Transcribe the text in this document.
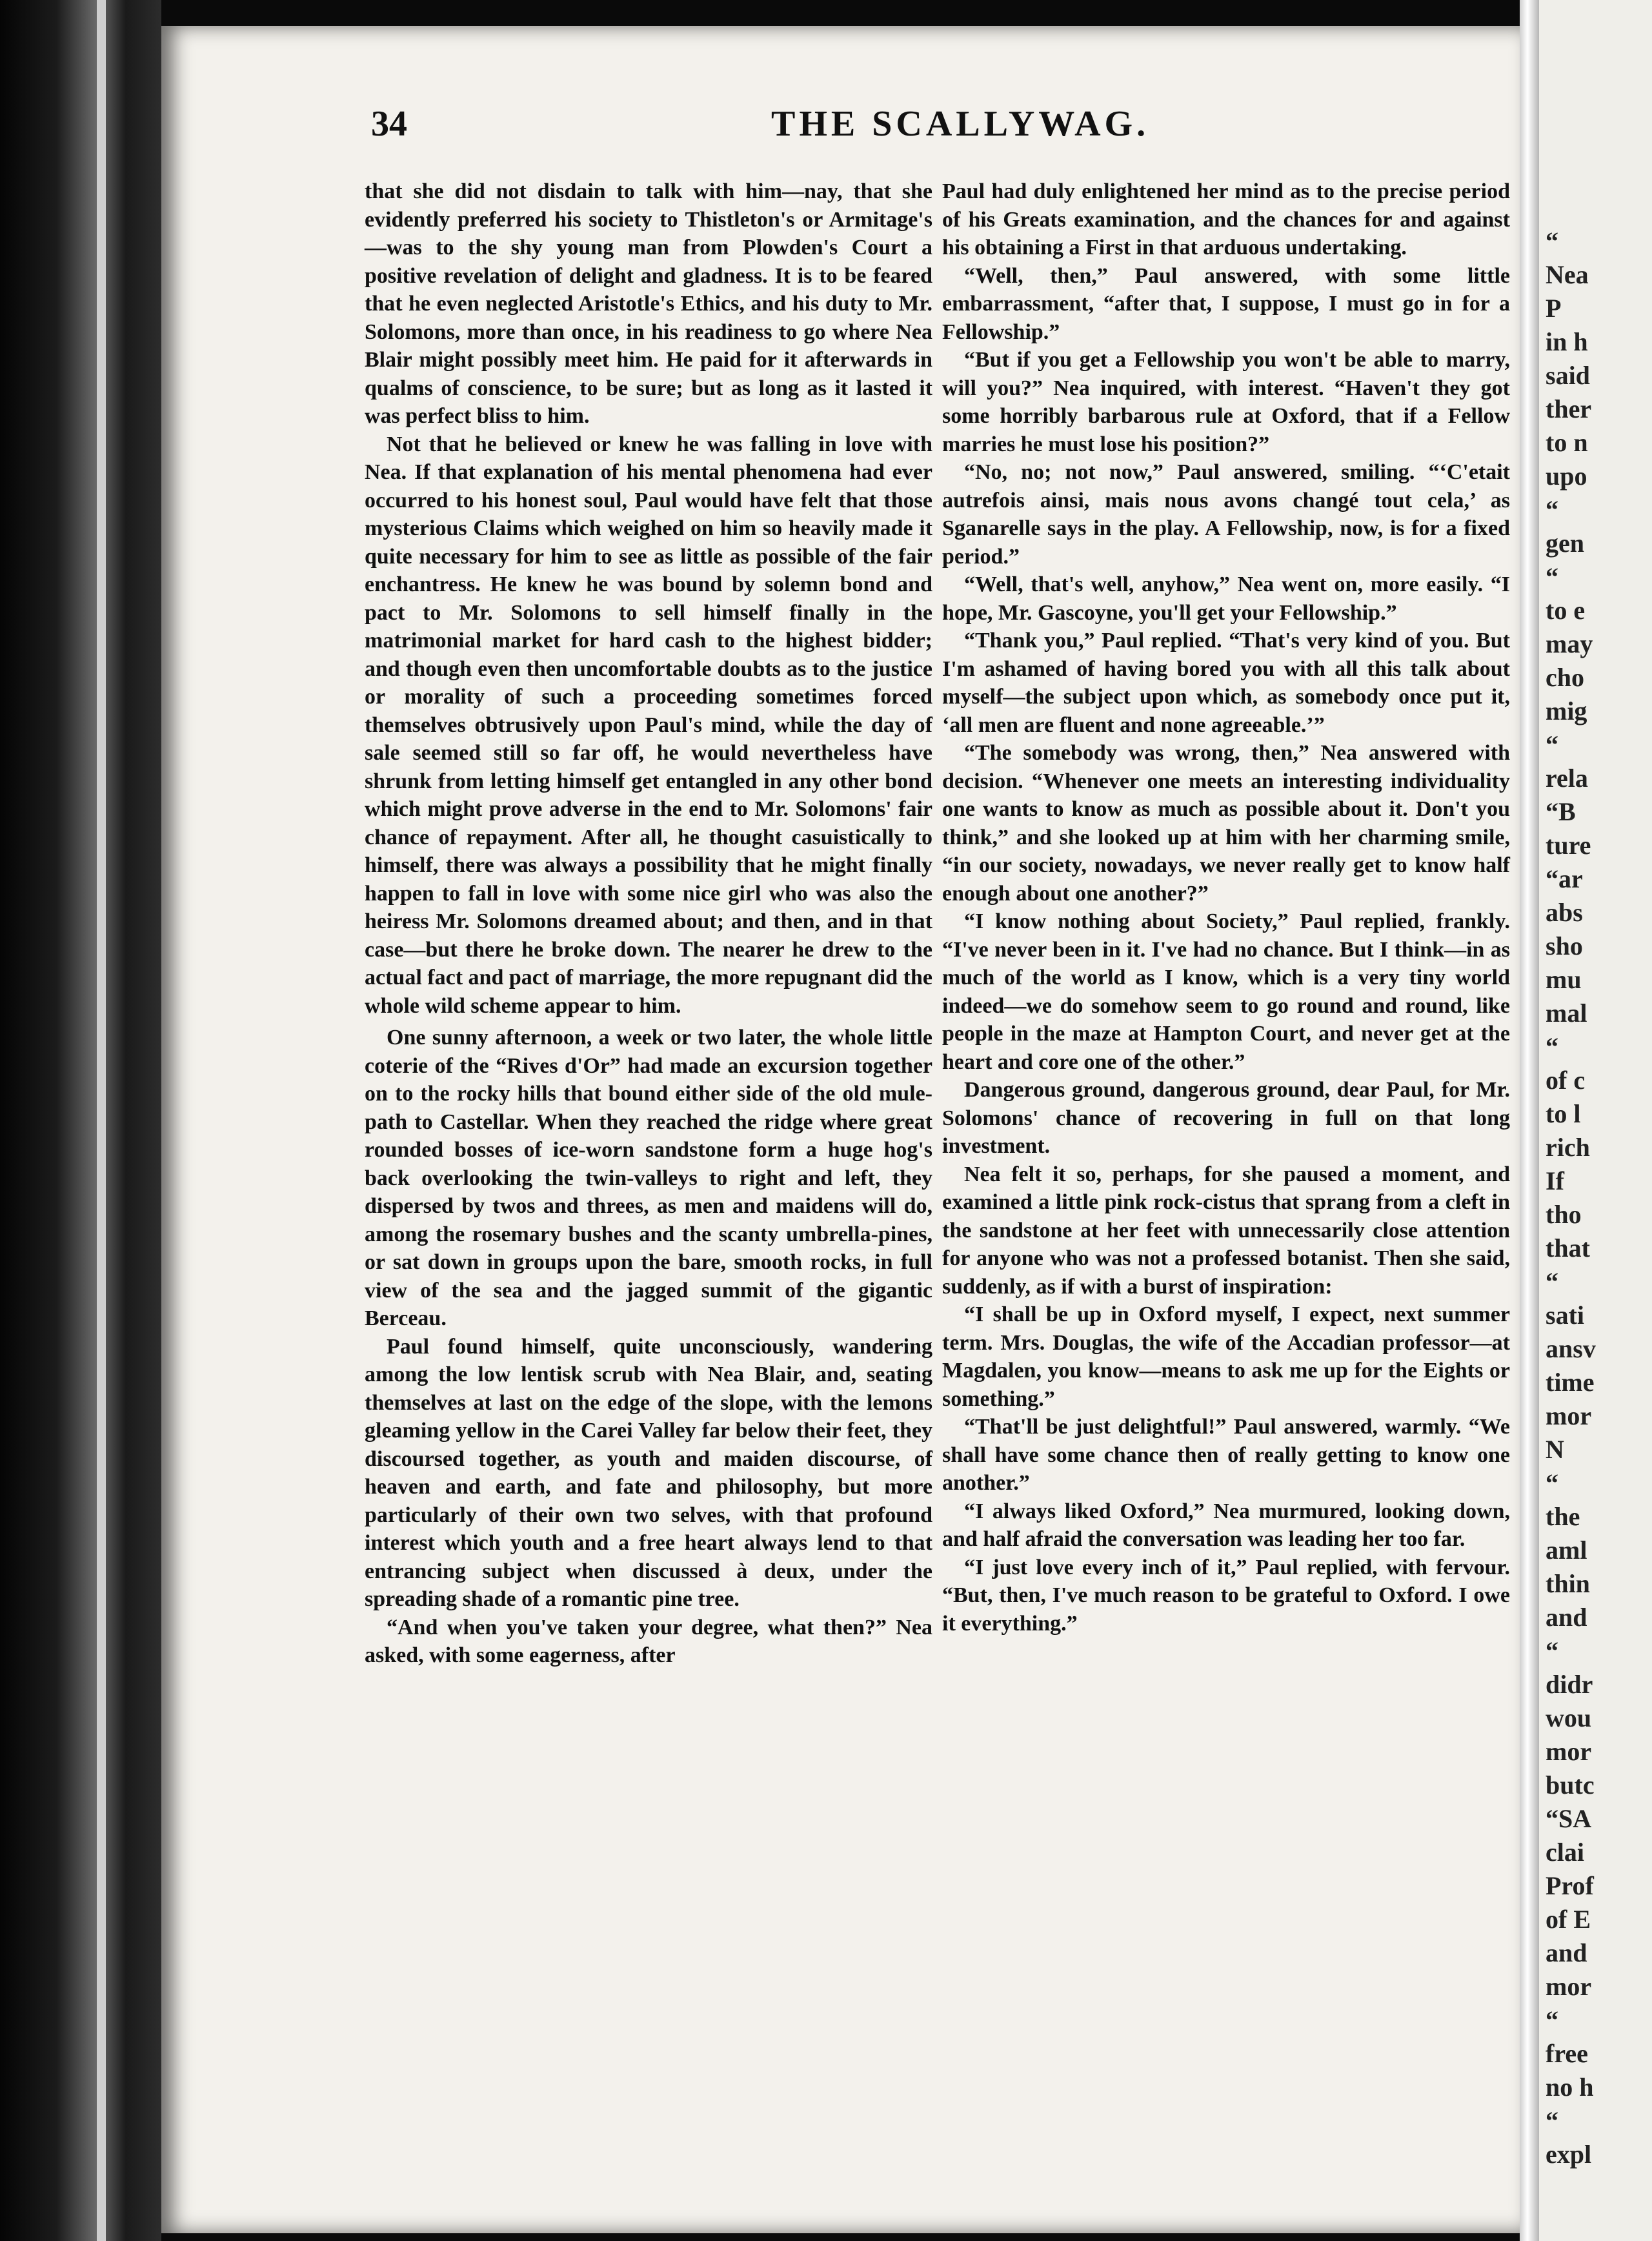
34	THE SCALLYWAG.

that she did not disdain to talk with him—nay, that she evidently preferred his society to Thistleton's or Armitage's—was to the shy young man from Plowden's Court a positive revelation of delight and gladness. It is to be feared that he even neglected Aristotle's Ethics, and his duty to Mr. Solomons, more than once, in his readiness to go where Nea Blair might possibly meet him. He paid for it afterwards in qualms of conscience, to be sure; but as long as it lasted it was perfect bliss to him.

Not that he believed or knew he was falling in love with Nea. If that explanation of his mental phenomena had ever occurred to his honest soul, Paul would have felt that those mysterious Claims which weighed on him so heavily made it quite necessary for him to see as little as possible of the fair enchantress. He knew he was bound by solemn bond and pact to Mr. Solomons to sell himself finally in the matrimonial market for hard cash to the highest bidder; and though even then uncomfortable doubts as to the justice or morality of such a proceeding sometimes forced themselves obtrusively upon Paul's mind, while the day of sale seemed still so far off, he would nevertheless have shrunk from letting himself get entangled in any other bond which might prove adverse in the end to Mr. Solomons' fair chance of repayment. After all, he thought casuistically to himself, there was always a possibility that he might finally happen to fall in love with some nice girl who was also the heiress Mr. Solomons dreamed about; and then, and in that case—but there he broke down. The nearer he drew to the actual fact and pact of marriage, the more repugnant did the whole wild scheme appear to him.

One sunny afternoon, a week or two later, the whole little coterie of the “Rives d'Or” had made an excursion together on to the rocky hills that bound either side of the old mule-path to Castellar. When they reached the ridge where great rounded bosses of ice-worn sandstone form a huge hog's back overlooking the twin-valleys to right and left, they dispersed by twos and threes, as men and maidens will do, among the rosemary bushes and the scanty umbrella-pines, or sat down in groups upon the bare, smooth rocks, in full view of the sea and the jagged summit of the gigantic Berceau.

Paul found himself, quite unconsciously, wandering among the low lentisk scrub with Nea Blair, and, seating themselves at last on the edge of the slope, with the lemons gleaming yellow in the Carei Valley far below their feet, they discoursed together, as youth and maiden discourse, of heaven and earth, and fate and philosophy, but more particularly of their own two selves, with that profound interest which youth and a free heart always lend to that entrancing subject when discussed à deux, under the spreading shade of a romantic pine tree.

“And when you've taken your degree, what then?” Nea asked, with some eagerness, after

Paul had duly enlightened her mind as to the precise period of his Greats examination, and the chances for and against his obtaining a First in that arduous undertaking.

“Well, then,” Paul answered, with some little embarrassment, “after that, I suppose, I must go in for a Fellowship.”

“But if you get a Fellowship you won't be able to marry, will you?” Nea inquired, with interest. “Haven't they got some horribly barbarous rule at Oxford, that if a Fellow marries he must lose his position?”

“No, no; not now,” Paul answered, smiling. “‘C'etait autrefois ainsi, mais nous avons changé tout cela,’ as Sganarelle says in the play. A Fellowship, now, is for a fixed period.”

“Well, that's well, anyhow,” Nea went on, more easily. “I hope, Mr. Gascoyne, you'll get your Fellowship.”

“Thank you,” Paul replied. “That's very kind of you. But I'm ashamed of having bored you with all this talk about myself—the subject upon which, as somebody once put it, ‘all men are fluent and none agreeable.’”

“The somebody was wrong, then,” Nea answered with decision. “Whenever one meets an interesting individuality one wants to know as much as possible about it. Don't you think,” and she looked up at him with her charming smile, “in our society, nowadays, we never really get to know half enough about one another?”

“I know nothing about Society,” Paul replied, frankly. “I've never been in it. I've had no chance. But I think—in as much of the world as I know, which is a very tiny world indeed—we do somehow seem to go round and round, like people in the maze at Hampton Court, and never get at the heart and core one of the other.”

Dangerous ground, dangerous ground, dear Paul, for Mr. Solomons' chance of recovering in full on that long investment.

Nea felt it so, perhaps, for she paused a moment, and examined a little pink rock-cistus that sprang from a cleft in the sandstone at her feet with unnecessarily close attention for anyone who was not a professed botanist. Then she said, suddenly, as if with a burst of inspiration:

“I shall be up in Oxford myself, I expect, next summer term. Mrs. Douglas, the wife of the Accadian professor—at Magdalen, you know—means to ask me up for the Eights or something.”

“That'll be just delightful!” Paul answered, warmly. “We shall have some chance then of really getting to know one another.”

“I always liked Oxford,” Nea murmured, looking down, and half afraid the conversation was leading her too far.

“I just love every inch of it,” Paul replied, with fervour. “But, then, I've much reason to be grateful to Oxford. I owe it everything.”

“
Nea
P
in h
said
ther
to n
upo
“
gen
“
to e
may
cho
mig
“
rela
“B
ture
“ar
abs
sho
mu
mal
“
of c
to l
rich
If
tho
that
“
sati
ansv
time
mor
N
“
the
aml
thin
and
“
didr
wou
mor
butc
“SA
clai
Prof
of E
and
mor
“
free
no h
“
expl
